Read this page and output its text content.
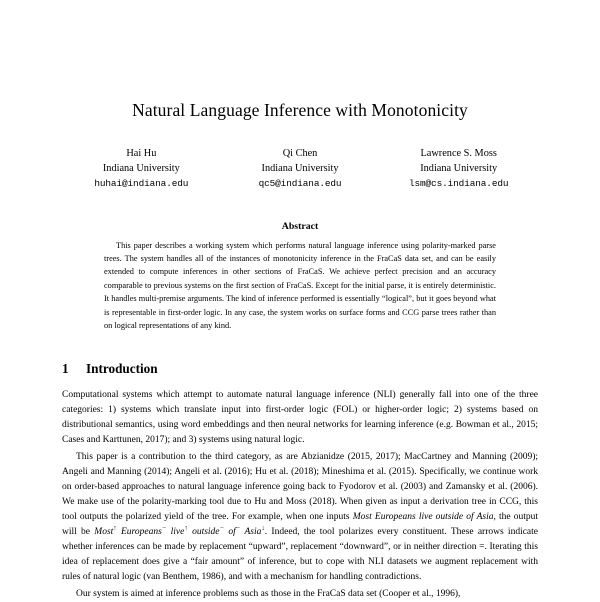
Natural Language Inference with Monotonicity
Hai Hu
Indiana University
huhai@indiana.edu
Qi Chen
Indiana University
qc5@indiana.edu
Lawrence S. Moss
Indiana University
lsm@cs.indiana.edu
Abstract

This paper describes a working system which performs natural language inference using polarity-marked parse trees. The system handles all of the instances of monotonicity inference in the FraCaS data set, and can be easily extended to compute inferences in other sections of FraCaS. We achieve perfect precision and an accuracy comparable to previous systems on the first section of FraCaS. Except for the initial parse, it is entirely deterministic. It handles multi-premise arguments. The kind of inference performed is essentially “logical”, but it goes beyond what is representable in first-order logic. In any case, the system works on surface forms and CCG parse trees rather than on logical representations of any kind.

1 Introduction

Computational systems which attempt to automate natural language inference (NLI) generally fall into one of the three categories: 1) systems which translate input into first-order logic (FOL) or higher-order logic; 2) systems based on distributional semantics, using word embeddings and then neural networks for learning inference (e.g. Bowman et al., 2015; Cases and Karttunen, 2017); and 3) systems using natural logic.

This paper is a contribution to the third category, as are Abzianidze (2015, 2017); MacCartney and Manning (2009); Angeli and Manning (2014); Angeli et al. (2016); Hu et al. (2018); Mineshima et al. (2015). Specifically, we continue work on order-based approaches to natural language inference going back to Fyodorov et al. (2003) and Zamansky et al. (2006). We make use of the polarity-marking tool due to Hu and Moss (2018). When given as input a derivation tree in CCG, this tool outputs the polarized yield of the tree. For example, when one inputs Most Europeans live outside of Asia, the output will be Most↑ Europeans− live↑ outside− of− Asia↓. Indeed, the tool polarizes every constituent. These arrows indicate whether inferences can be made by replacement “upward”, replacement “downward”, or in neither direction =. Iterating this idea of replacement does give a “fair amount” of inference, but to cope with NLI datasets we augment replacement with rules of natural logic (van Benthem, 1986), and with a mechanism for handling contradictions.

Our system is aimed at inference problems such as those in the FraCaS data set (Cooper et al., 1996),
